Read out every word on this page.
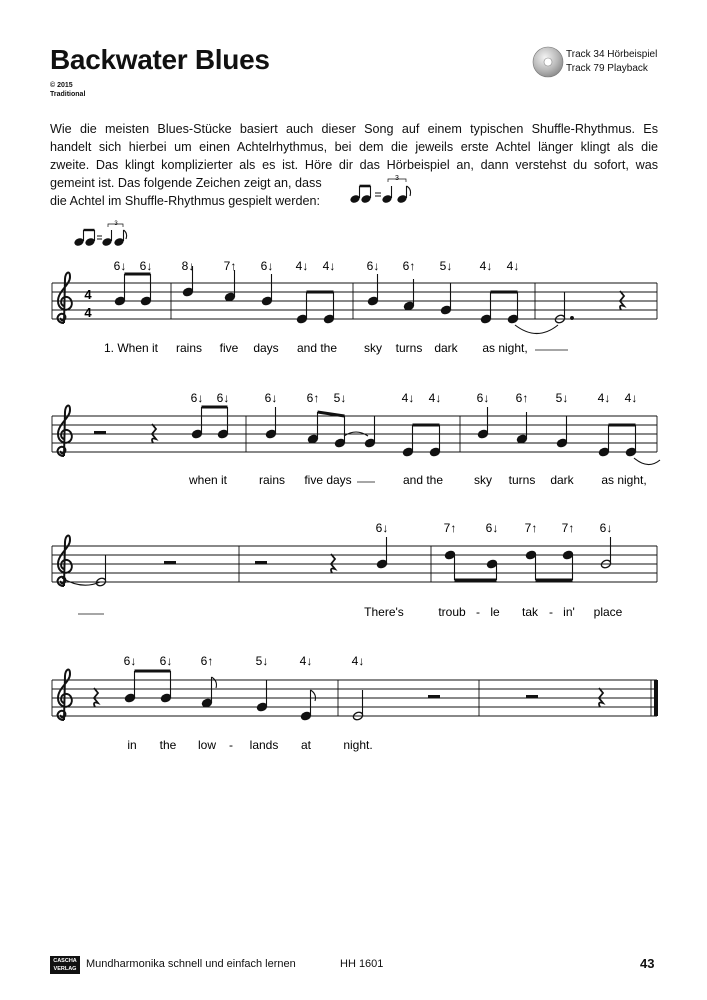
Backwater Blues
© 2015
Traditional
Track 34 Hörbeispiel
Track 79 Playback
Wie die meisten Blues-Stücke basiert auch dieser Song auf einem typischen Shuffle-Rhythmus. Es
handelt sich hierbei um einen Achtelrhythmus, bei dem die jeweils erste Achtel länger klingt als die
zweite. Das klingt komplizierter als es ist. Höre dir das Hörbeispiel an, dann verstehst du sofort, was
gemeint ist. Das folgende Zeichen zeigt an, dass
die Achtel im Shuffle-Rhythmus gespielt werden:
3
3
4
4
6↓ 6↓ 8↓ 7↑ 6↓ 4↓ 4↓	6↓ 6↑ 5↓ 4↓ 4↓
1. When it rains five days and the sky turns dark as night,
6↓ 6↓	6↓ 6↑ 5↓	4↓ 4↓	6↓ 6↑ 5↓ 4↓ 4↓
when it	rains five days	and the	sky turns dark as night,
6↓	7↑ 6↓ 7↑ 7↑ 6↓
There's	troub - le tak - in' place
6↓ 6↓ 6↑	5↓	4↓	4↓
in the low - lands at	night.
CASCHA VERLAG Mundharmonika schnell und einfach lernen	HH 1601	43
